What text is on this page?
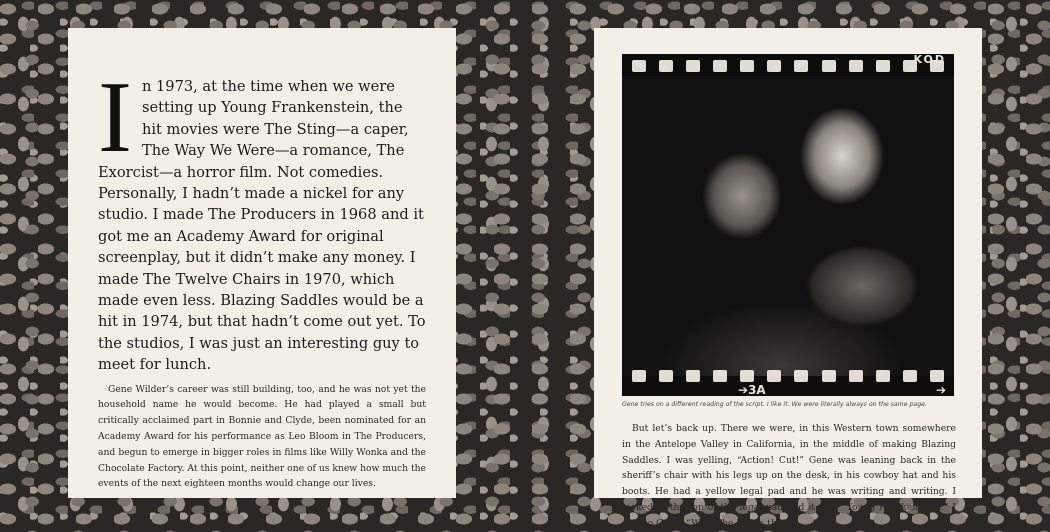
I n 1973, at the time when we were setting up Young Frankenstein, the hit movies were The Sting—a caper, The Way We Were—a romance, The Exorcist—a horror film. Not comedies. Personally, I hadn’t made a nickel for any studio. I made The Producers in 1968 and it got me an Academy Award for original screenplay, but it didn’t make any money. I made The Twelve Chairs in 1970, which made even less. Blazing Saddles would be a hit in 1974, but that hadn’t come out yet. To the studios, I was just an interesting guy to meet for lunch.

Gene Wilder’s career was still building, too, and he was not yet the household name he would become. He had played a small but critically acclaimed part in Bonnie and Clyde, been nominated for an Academy Award for his performance as Leo Bloom in The Producers, and begun to emerge in bigger roles in films like Willy Wonka and the Chocolate Factory. At this point, neither one of us knew how much the events of the next eighteen months would change our lives.

KOD
➔
➔3A
Gene tries on a different reading of the script. I like it. We were literally always on the same page.

But let’s back up. There we were, in this Western town somewhere in the Antelope Valley in California, in the middle of making Blazing Saddles. I was yelling, “Action! Cut!” Gene was leaning back in the sheriff’s chair with his legs up on the desk, in his cowboy hat and his boots. He had a yellow legal pad and he was writing and writing. I looked at the top of the legal pad and it said “Young Frankenstein.” I said to Gene, “What the hell is that?”
